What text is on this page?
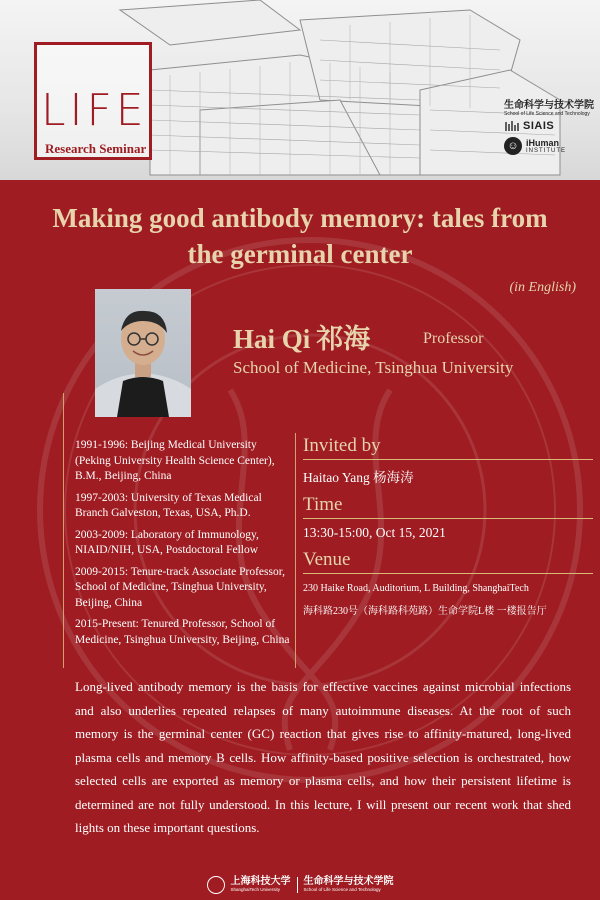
LIFE
Research Seminar
生命科学与技术学院
School of Life Science and Technology
SIAIS
☺ iHuman
INSTITUTE
Making good antibody memory: tales from
the germinal center
(in English)
Hai Qi 祁海	Professor
School of Medicine, Tsinghua University
1991-1996: Beijing Medical University (Peking University Health Science Center), B.M., Beijing, China
1997-2003: University of Texas Medical Branch Galveston, Texas, USA, Ph.D.
2003-2009: Laboratory of Immunology, NIAID/NIH, USA, Postdoctoral Fellow
2009-2015: Tenure-track Associate Professor, School of Medicine, Tsinghua University, Beijing, China
2015-Present: Tenured Professor, School of Medicine, Tsinghua University, Beijing, China
Invited by
Haitao Yang 杨海涛
Time
13:30-15:00, Oct 15, 2021
Venue
230 Haike Road, Auditorium, L Building, ShanghaiTech
海科路230号（海科路科苑路）生命学院L楼 一楼报告厅
Long-lived antibody memory is the basis for effective vaccines against microbial infections and also underlies repeated relapses of many autoimmune diseases. At the root of such memory is the germinal center (GC) reaction that gives rise to affinity-matured, long-lived plasma cells and memory B cells. How affinity-based positive selection is orchestrated, how selected cells are exported as memory or plasma cells, and how their persistent lifetime is determined are not fully understood. In this lecture, I will present our recent work that shed lights on these important questions.
上海科技大学
ShanghaiTech University
生命科学与技术学院
School of Life Science and Technology
